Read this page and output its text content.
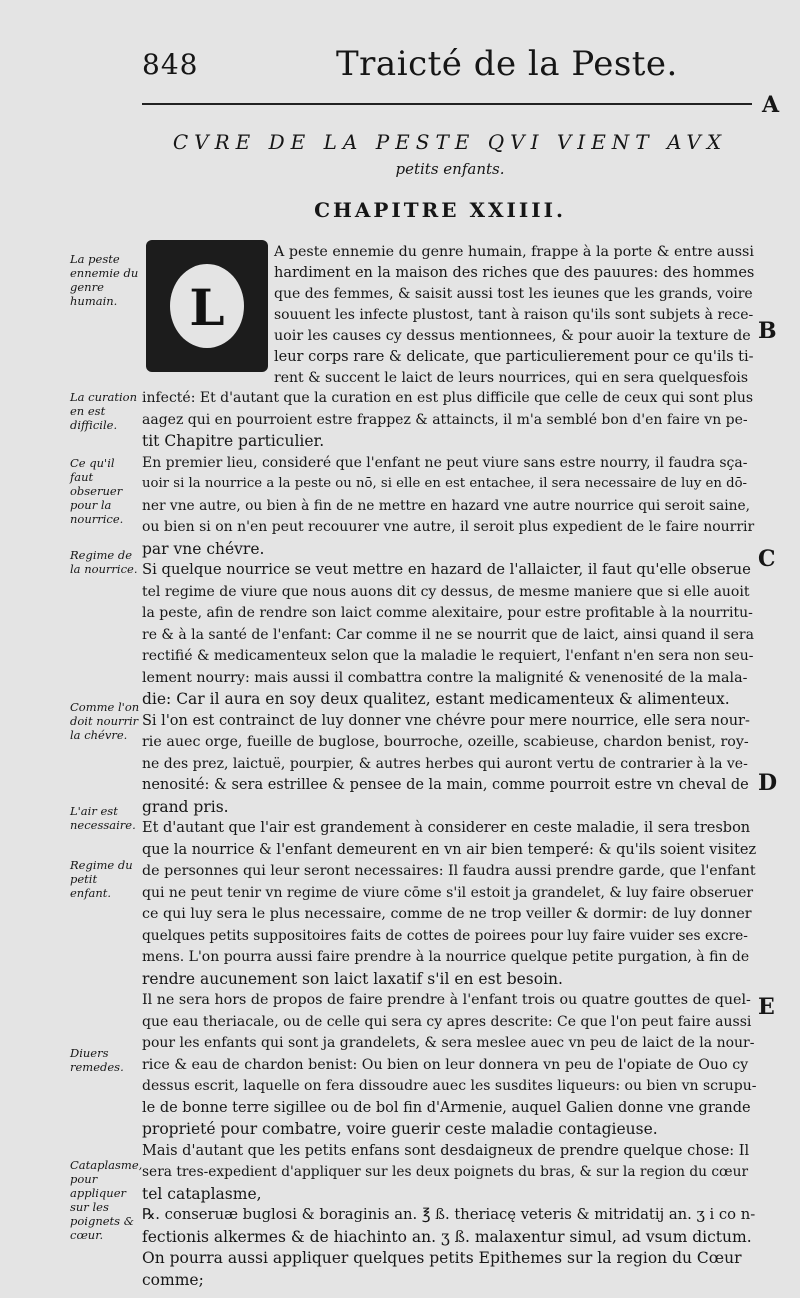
848	Traicté de la Peste.
A
B
C
D
E
CVRE DE LA PESTE QVI VIENT AVX
petits enfants.
CHAPITRE XXIIII.
L
La peste ennemie du genre humain.
La curation en est difficile.
Ce qu'il faut obseruer pour la nourrice.
Regime de la nourrice.
Comme l'on doit nourrir la chévre.
L'air est necessaire.
Regime du petit enfant.
Diuers remedes.
Cataplasme, pour appliquer sur les poignets & cœur.
A peste ennemie du genre humain, frappe à la porte & entre aussi
hardiment en la maison des riches que des pauures: des hommes
que des femmes, & saisit aussi tost les ieunes que les grands, voire
souuent les infecte plustost, tant à raison qu'ils sont subjets à rece-
uoir les causes cy dessus mentionnees, & pour auoir la texture de
leur corps rare & delicate, que particulierement pour ce qu'ils ti-
rent & succent le laict de leurs nourrices, qui en sera quelquesfois
infecté: Et d'autant que la curation en est plus difficile que celle de ceux qui sont plus
aagez qui en pourroient estre frappez & attaincts, il m'a semblé bon d'en faire vn pe-
tit Chapitre particulier.
En premier lieu, consideré que l'enfant ne peut viure sans estre nourry, il faudra sça-
uoir si la nourrice a la peste ou nō, si elle en est entachee, il sera necessaire de luy en dō-
ner vne autre, ou bien à fin de ne mettre en hazard vne autre nourrice qui seroit saine,
ou bien si on n'en peut recouurer vne autre, il seroit plus expedient de le faire nourrir
par vne chévre.
Si quelque nourrice se veut mettre en hazard de l'allaicter, il faut qu'elle obserue
tel regime de viure que nous auons dit cy dessus, de mesme maniere que si elle auoit
la peste, afin de rendre son laict comme alexitaire, pour estre profitable à la nourritu-
re & à la santé de l'enfant: Car comme il ne se nourrit que de laict, ainsi quand il sera
rectifié & medicamenteux selon que la maladie le requiert, l'enfant n'en sera non seu-
lement nourry: mais aussi il combattra contre la malignité & venenosité de la mala-
die: Car il aura en soy deux qualitez, estant medicamenteux & alimenteux.
Si l'on est contrainct de luy donner vne chévre pour mere nourrice, elle sera nour-
rie auec orge, fueille de buglose, bourroche, ozeille, scabieuse, chardon benist, roy-
ne des prez, laictuë, pourpier, & autres herbes qui auront vertu de contrarier à la ve-
nenosité: & sera estrillee & pensee de la main, comme pourroit estre vn cheval de
grand pris.
Et d'autant que l'air est grandement à considerer en ceste maladie, il sera tresbon
que la nourrice & l'enfant demeurent en vn air bien temperé: & qu'ils soient visitez
de personnes qui leur seront necessaires: Il faudra aussi prendre garde, que l'enfant
qui ne peut tenir vn regime de viure cōme s'il estoit ja grandelet, & luy faire obseruer
ce qui luy sera le plus necessaire, comme de ne trop veiller & dormir: de luy donner
quelques petits suppositoires faits de cottes de poirees pour luy faire vuider ses excre-
mens. L'on pourra aussi faire prendre à la nourrice quelque petite purgation, à fin de
rendre aucunement son laict laxatif s'il en est besoin.
Il ne sera hors de propos de faire prendre à l'enfant trois ou quatre gouttes de quel-
que eau theriacale, ou de celle qui sera cy apres descrite: Ce que l'on peut faire aussi
pour les enfants qui sont ja grandelets, & sera meslee auec vn peu de laict de la nour-
rice & eau de chardon benist: Ou bien on leur donnera vn peu de l'opiate de Ouo cy
dessus escrit, laquelle on fera dissoudre auec les susdites liqueurs: ou bien vn scrupu-
le de bonne terre sigillee ou de bol fin d'Armenie, auquel Galien donne vne grande
proprieté pour combatre, voire guerir ceste maladie contagieuse.
Mais d'autant que les petits enfans sont desdaigneux de prendre quelque chose: Il
sera tres-expedient d'appliquer sur les deux poignets du bras, & sur la region du cœur
tel cataplasme,
℞. conseruæ buglosi & boraginis an. ℥ ß. theriacę veteris & mitridatij an. ʒ i co n-
fectionis alkermes & de hiachinto an. ʒ ß. malaxentur simul, ad vsum dictum.
On pourra aussi appliquer quelques petits Epithemes sur la region du Cœur
comme;
